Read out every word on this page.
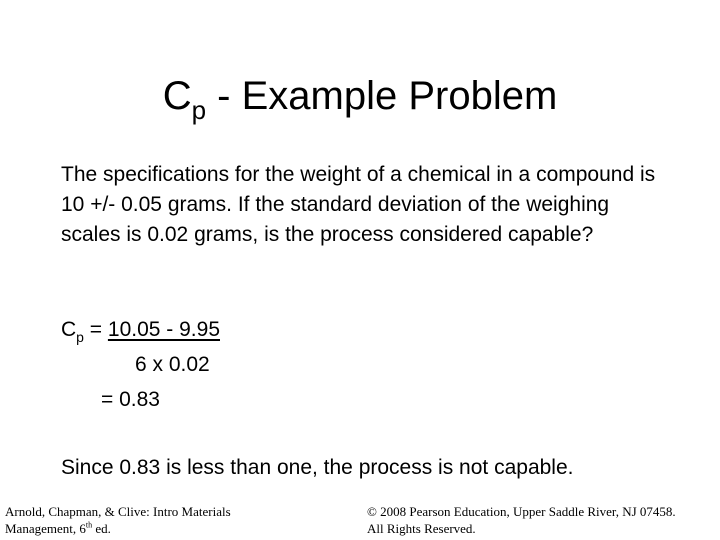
$C_p$ - Example Problem
The specifications for the weight of a chemical in a compound is 10 +/- 0.05 grams. If the standard deviation of the weighing scales is 0.02 grams, is the process considered capable?
$C_p = 10.05 - 9.95$
6 x 0.02
= 0.83
Since 0.83 is less than one, the process is not capable.
Arnold, Chapman, & Clive: Intro Materials
Management, 6th ed.
© 2008 Pearson Education, Upper Saddle River, NJ 07458.
All Rights Reserved.
